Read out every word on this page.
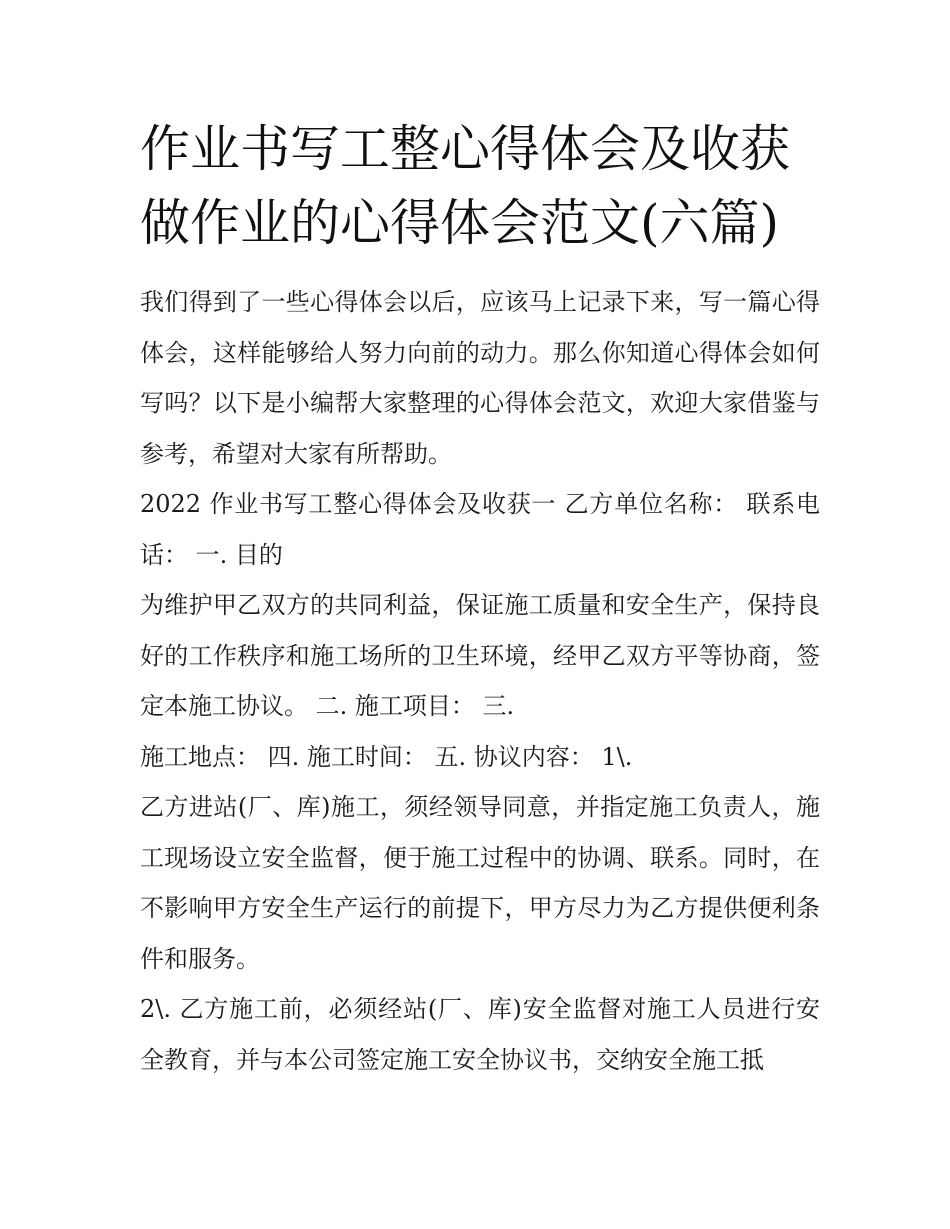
作业书写工整心得体会及收获
做作业的心得体会范文(六篇)

我们得到了一些心得体会以后，应该马上记录下来，写一篇心得体会，这样能够给人努力向前的动力。那么你知道心得体会如何写吗？以下是小编帮大家整理的心得体会范文，欢迎大家借鉴与参考，希望对大家有所帮助。

2022 作业书写工整心得体会及收获一 乙方单位名称： 联系电话： 一. 目的

为维护甲乙双方的共同利益，保证施工质量和安全生产，保持良好的工作秩序和施工场所的卫生环境，经甲乙双方平等协商，签定本施工协议。 二. 施工项目： 三.

施工地点： 四. 施工时间： 五. 协议内容： 1\.

乙方进站(厂、库)施工，须经领导同意，并指定施工负责人，施工现场设立安全监督，便于施工过程中的协调、联系。同时，在不影响甲方安全生产运行的前提下，甲方尽力为乙方提供便利条件和服务。

2\. 乙方施工前，必须经站(厂、库)安全监督对施工人员进行安全教育，并与本公司签定施工安全协议书，交纳安全施工抵
